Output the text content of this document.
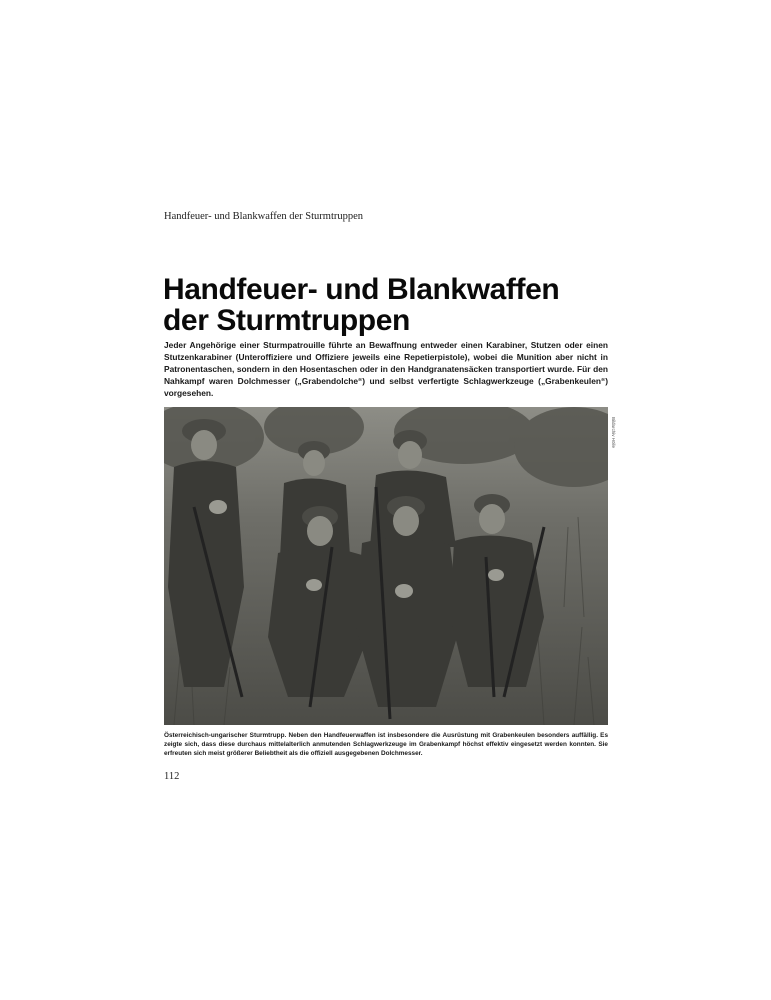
Handfeuer- und Blankwaffen der Sturmtruppen
Handfeuer- und Blankwaffen
der Sturmtruppen

Jeder Angehörige einer Sturmpatrouille führte an Bewaffnung entweder einen Karabiner, Stutzen oder einen Stutzenkarabiner (Unteroffiziere und Offiziere jeweils eine Repetierpistole), wobei die Munition aber nicht in Patronentaschen, sondern in den Hosentaschen oder in den Handgranatensäcken transportiert wurde. Für den Nahkampf waren Dolchmesser („Grabendolche“) und selbst verfertigte Schlagwerkzeuge („Grabenkeulen“) vorgesehen.

Bildarchiv Hölle

Österreichisch-ungarischer Sturmtrupp. Neben den Handfeuerwaffen ist insbesondere die Ausrüstung mit Grabenkeulen besonders auffällig. Es zeigte sich, dass diese durchaus mittelalterlich anmutenden Schlagwerkzeuge im Grabenkampf höchst effektiv eingesetzt werden konnten. Sie erfreuten sich meist größerer Beliebtheit als die offiziell ausgegebenen Dolchmesser.

112
